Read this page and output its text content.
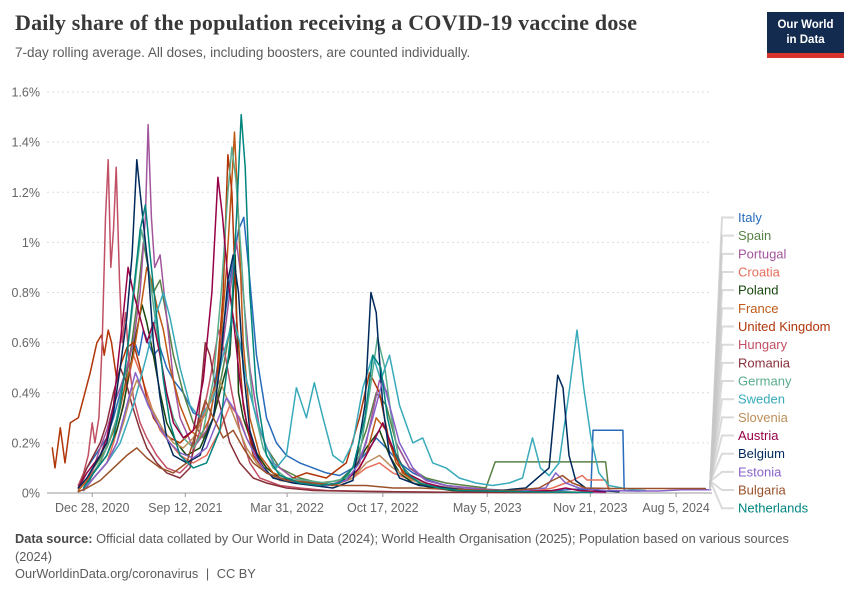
Daily share of the population receiving a COVID-19 vaccine dose
7-day rolling average. All doses, including boosters, are counted individually.
Our World
in Data
0%
0.2%
0.4%
0.6%
0.8%
1%
1.2%
1.4%
1.6%
Dec 28, 2020 Sep 12, 2021 Mar 31, 2022 Oct 17, 2022	May 5, 2023	Nov 21, 2023 Aug 5, 2024
Italy
Spain
Portugal
Croatia
Poland
France
United Kingdom
Hungary
Romania
Germany
Sweden
Slovenia
Austria
Belgium
Estonia
Bulgaria
Netherlands
Data source: Official data collated by Our World in Data (2024); World Health Organisation (2025); Population based on various sources (2024)
OurWorldinData.org/coronavirus | CC BY
